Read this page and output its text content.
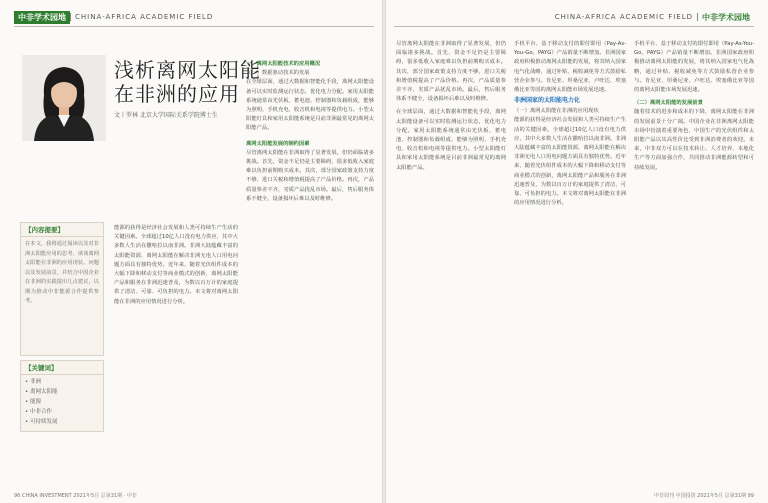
中非学术园地	CHINA-AFRICA ACADEMIC FIELD	CHINA-AFRICA ACADEMIC FIELD	中非学术园地
浅析离网太阳能
在非洲的应用
文丨罗林 北京大学国际关系学院博士生
【内容提要】
在本文，我将通过阅读以及对非洲太阳能应用的思考，谈谈离网太阳能在非洲的应用现状、问题以及发展前景，并结合中国企业在非洲的实践提出几点建议，以期为推动中非能源合作提供参考。
【关键词】
• 非洲
• 离网太阳能
• 能源
• 中非合作
• 可持续发展

能源的获得是经济社会发展和人类可持续生产生活的关键因素。全球超过10亿人口没有电力供应，其中大多数人生活在撒哈拉以南非洲。非洲大陆蕴藏丰富的太阳能资源，离网太阳能在解决非洲无电人口用电问题方面具有独特优势。近年来，随着光伏组件成本的大幅下降和移动支付等商业模式的创新，离网太阳能产品和服务在非洲迅速普及，为数以百万计的家庭提供了清洁、可靠、可负担的电力。本文将对离网太阳能在非洲的应用情况进行分析。

一、离网太阳能技术的应用概况
（一）数据驱动技术的发展

在全球层面，通过大数据和智能化手段，离网太阳能设备可以实时监测运行状态，优化电力分配。家用太阳能系统通常由光伏板、蓄电池、控制器和负载组成，能够为照明、手机充电、收音机和电视等提供电力。小型太阳能灯具和家用太阳能系统是目前非洲最常见的离网太阳能产品。

离网太阳能发展的制约因素

尽管离网太阳能在非洲取得了显著发展，但仍面临诸多挑战。首先，资金不足仍是主要障碍，很多低收入家庭难以负担前期购买成本。其次，部分国家政策支持力度不够，进口关税和增值税提高了产品价格。再次，产品质量参差不齐，劣质产品扰乱市场。最后，售后服务体系不健全，设备损坏后难以及时维修。

尽管离网太阳能在非洲取得了显著发展，但仍面临诸多挑战。首先，资金不足仍是主要障碍，很多低收入家庭难以负担前期购买成本。其次，部分国家政策支持力度不够，进口关税和增值税提高了产品价格。再次，产品质量参差不齐，劣质产品扰乱市场。最后，售后服务体系不健全，设备损坏后难以及时维修。

在全球层面，通过大数据和智能化手段，离网太阳能设备可以实时监测运行状态，优化电力分配。家用太阳能系统通常由光伏板、蓄电池、控制器和负载组成，能够为照明、手机充电、收音机和电视等提供电力。小型太阳能灯具和家用太阳能系统是目前非洲最常见的离网太阳能产品。

手机平台、基于移动支付的即付即用（Pay-As-You-Go，PAYG）产品销量不断增加。非洲国家政府积极推动离网太阳能的发展，将其纳入国家电气化战略，通过补贴、税收减免等方式鼓励私营企业参与。肯尼亚、坦桑尼亚、卢旺达、埃塞俄比亚等国的离网太阳能市场发展迅速。

非洲国家的太阳能电力化
（一）离网太阳能在非洲的应用现状

能源的获得是经济社会发展和人类可持续生产生活的关键因素。全球超过10亿人口没有电力供应，其中大多数人生活在撒哈拉以南非洲。非洲大陆蕴藏丰富的太阳能资源，离网太阳能在解决非洲无电人口用电问题方面具有独特优势。近年来，随着光伏组件成本的大幅下降和移动支付等商业模式的创新，离网太阳能产品和服务在非洲迅速普及，为数以百万计的家庭提供了清洁、可靠、可负担的电力。本文将对离网太阳能在非洲的应用情况进行分析。

手机平台、基于移动支付的即付即用（Pay-As-You-Go，PAYG）产品销量不断增加。非洲国家政府积极推动离网太阳能的发展，将其纳入国家电气化战略，通过补贴、税收减免等方式鼓励私营企业参与。肯尼亚、坦桑尼亚、卢旺达、埃塞俄比亚等国的离网太阳能市场发展迅速。

（二）离网太阳能的发展前景

随着技术的进步和成本的下降，离网太阳能在非洲的发展前景十分广阔。中国企业在非洲离网太阳能市场中扮演着重要角色，中国生产的光伏组件和太阳能产品以其高性价比受到非洲消费者的欢迎。未来，中非双方可以在技术转让、人才培养、本地化生产等方面加强合作，共同推动非洲能源转型和可持续发展。

96 CHINA INVESTMENT 2021年5月 总第31期 · 中非	中非周刊 中国投资 2021年5月 总第31期 99
